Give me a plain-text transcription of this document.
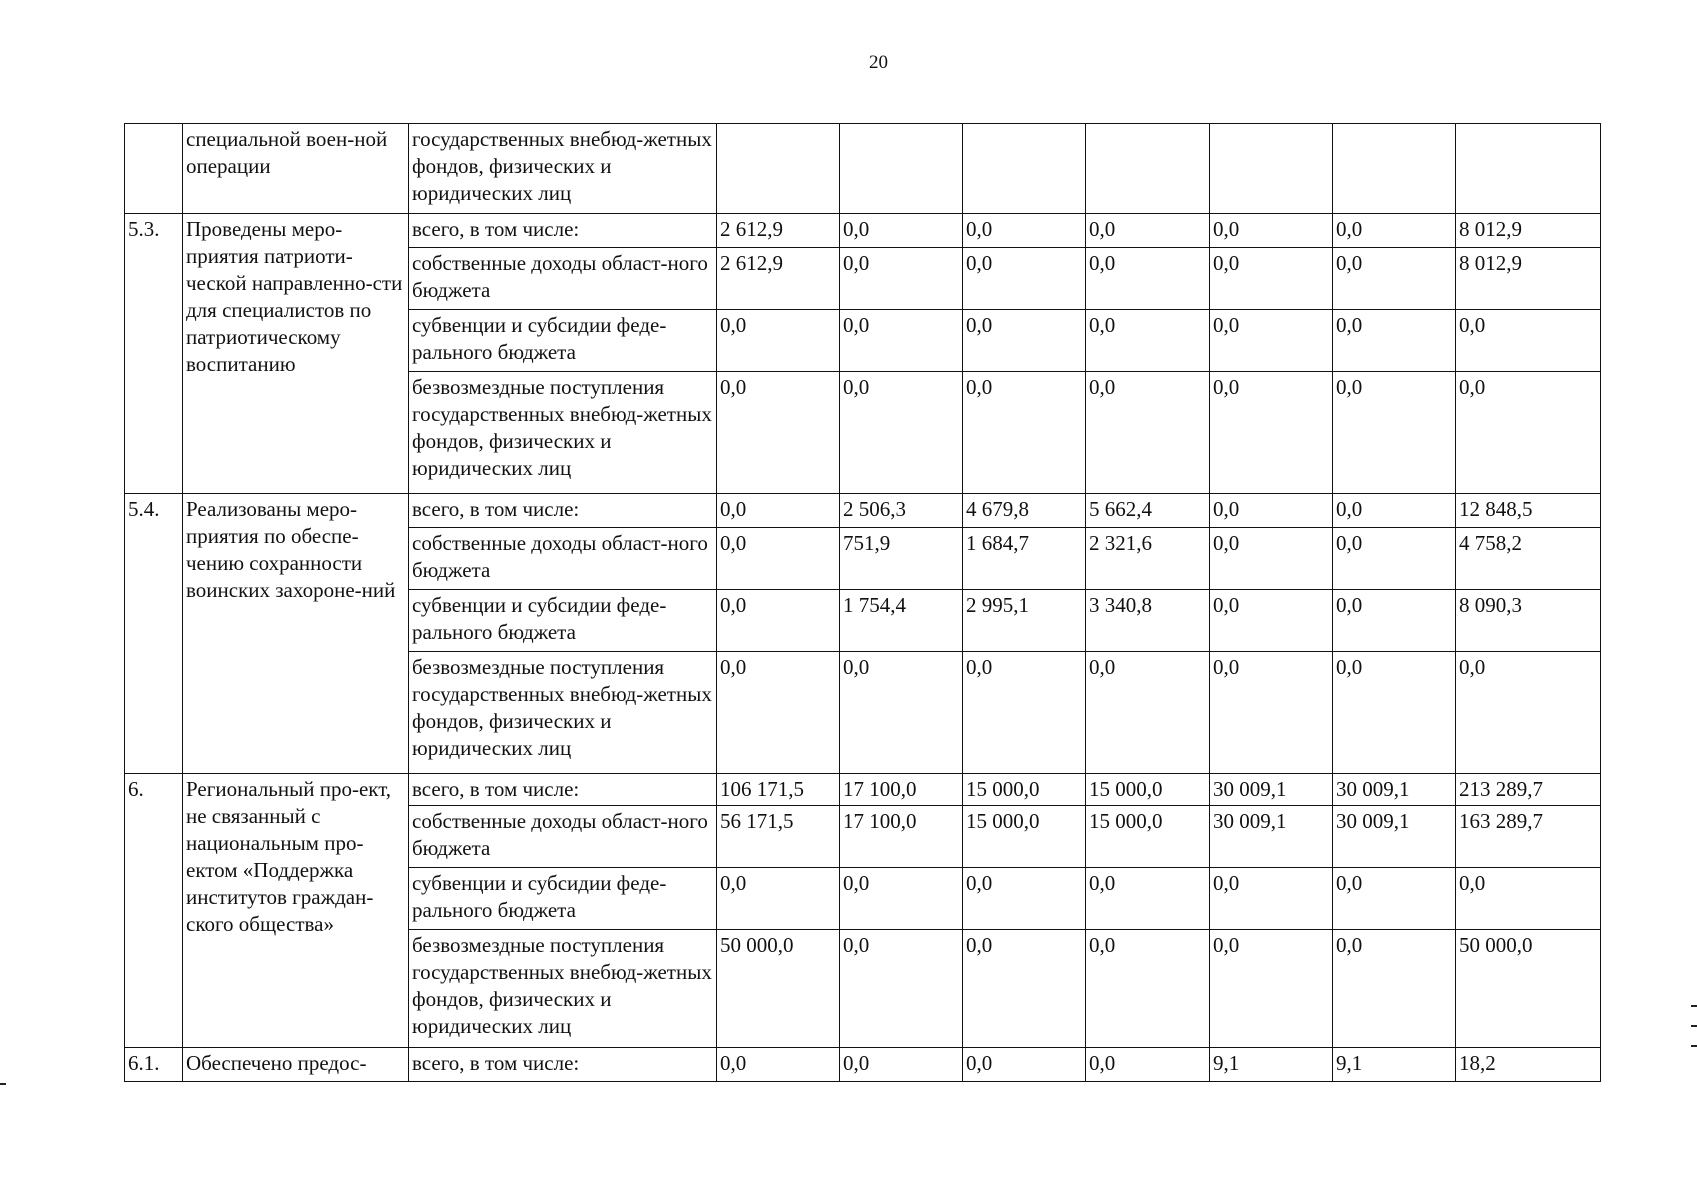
20
	специальной воен-ной операции	государственных внебюд-жетных фондов, физических и юридических лиц							
5.3.	Проведены меро-приятия патриоти-ческой направленно-сти для специалистов по патриотическому воспитанию	всего, в том числе:	2 612,9	0,0	0,0	0,0	0,0	0,0	8 012,9
		собственные доходы област-ного бюджета	2 612,9	0,0	0,0	0,0	0,0	0,0	8 012,9
		субвенции и субсидии феде-рального бюджета	0,0	0,0	0,0	0,0	0,0	0,0	0,0
		безвозмездные поступления государственных внебюд-жетных фондов, физических и юридических лиц	0,0	0,0	0,0	0,0	0,0	0,0	0,0
5.4.	Реализованы меро-приятия по обеспе-чению сохранности воинских захороне-ний	всего, в том числе:	0,0	2 506,3	4 679,8	5 662,4	0,0	0,0	12 848,5
		собственные доходы област-ного бюджета	0,0	751,9	1 684,7	2 321,6	0,0	0,0	4 758,2
		субвенции и субсидии феде-рального бюджета	0,0	1 754,4	2 995,1	3 340,8	0,0	0,0	8 090,3
		безвозмездные поступления государственных внебюд-жетных фондов, физических и юридических лиц	0,0	0,0	0,0	0,0	0,0	0,0	0,0
6.	Региональный про-ект, не связанный с национальным про-ектом «Поддержка институтов граждан-ского общества»	всего, в том числе:	106 171,5	17 100,0	15 000,0	15 000,0	30 009,1	30 009,1	213 289,7
		собственные доходы област-ного бюджета	56 171,5	17 100,0	15 000,0	15 000,0	30 009,1	30 009,1	163 289,7
		субвенции и субсидии феде-рального бюджета	0,0	0,0	0,0	0,0	0,0	0,0	0,0
		безвозмездные поступления государственных внебюд-жетных фондов, физических и юридических лиц	50 000,0	0,0	0,0	0,0	0,0	0,0	50 000,0
6.1.	Обеспечено предос-	всего, в том числе:	0,0	0,0	0,0	0,0	9,1	9,1	18,2
